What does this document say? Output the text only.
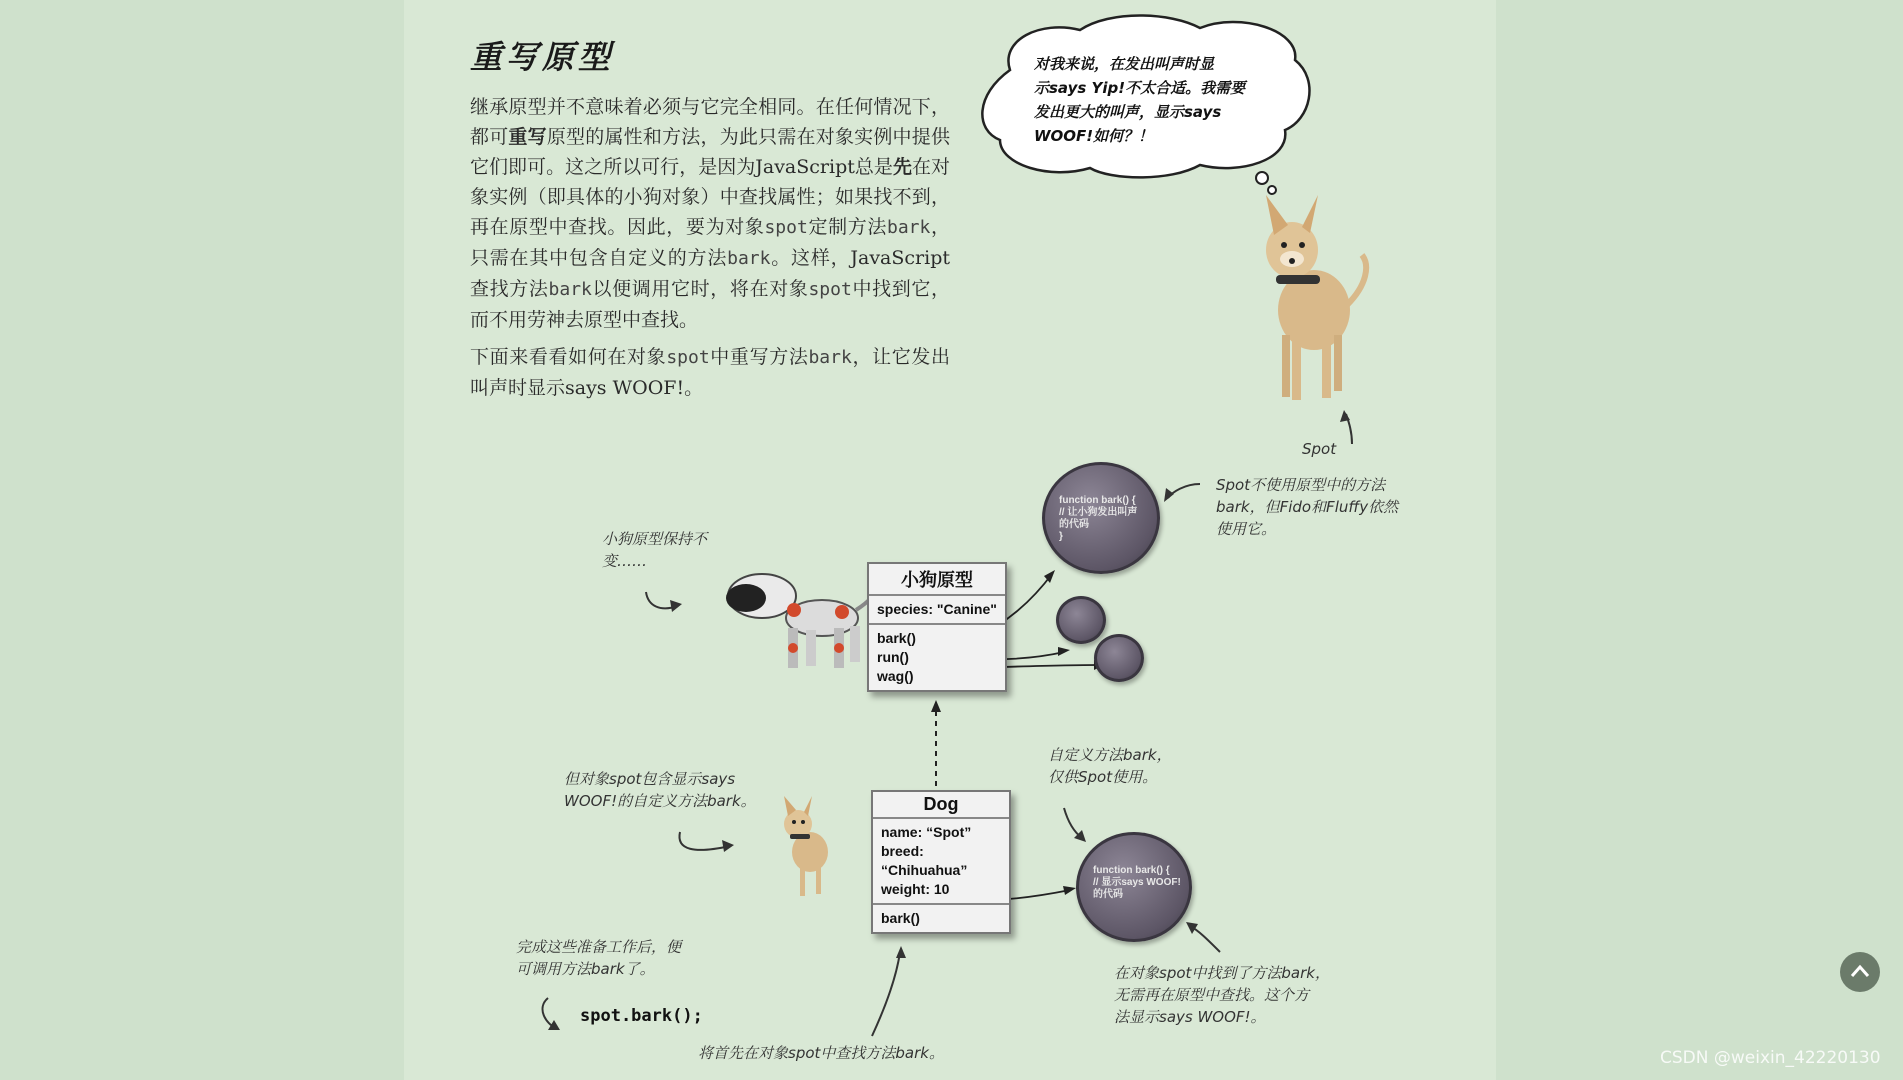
重写原型
继承原型并不意味着必须与它完全相同。在任何情况下，都可重写原型的属性和方法，为此只需在对象实例中提供它们即可。这之所以可行，是因为JavaScript总是先在对象实例（即具体的小狗对象）中查找属性；如果找不到，再在原型中查找。因此，要为对象spot定制方法bark，只需在其中包含自定义的方法bark。这样，JavaScript查找方法bark以便调用它时，将在对象spot中找到它，而不用劳神去原型中查找。
下面来看看如何在对象spot中重写方法bark，让它发出叫声时显示says WOOF!。
对我来说，在发出叫声时显
示says Yip!不太合适。我需要
发出更大的叫声，显示says
WOOF!如何？！
Spot
Spot不使用原型中的方法
bark，但Fido和Fluffy依然
使用它。
小狗原型保持不
变……
自定义方法bark，
仅供Spot使用。
但对象spot包含显示says
WOOF!的自定义方法bark。
完成这些准备工作后，便
可调用方法bark了。	在对象spot中找到了方法bark，
无需再在原型中查找。这个方
法显示says WOOF!。
将首先在对象spot中查找方法bark。
小狗原型
species: "Canine"
bark()
run()
wag()
Dog
name: “Spot”
breed: “Chihuahua”
weight: 10
bark()
function bark() {
// 让小狗发出叫声
的代码
}
function bark() {
// 显示says WOOF!
的代码
spot.bark();
CSDN @weixin_42220130
